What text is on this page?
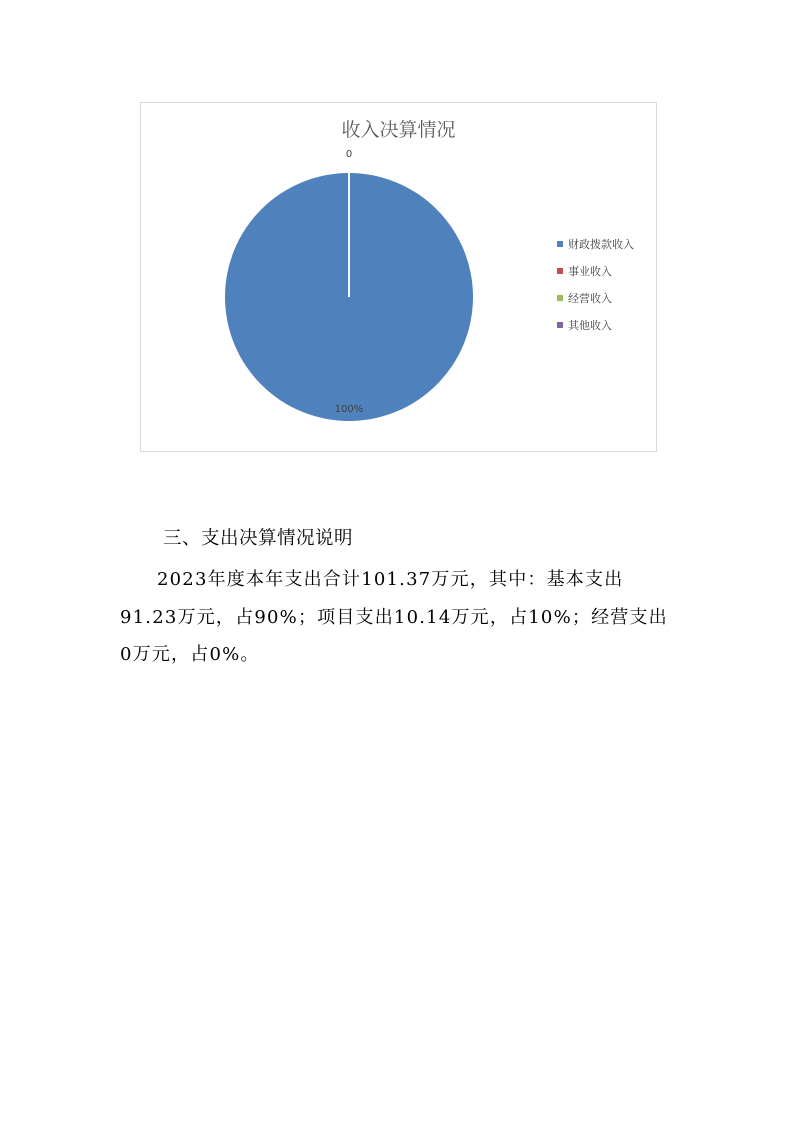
收入决算情况
0
100%
财政拨款收入
事业收入
经营收入
其他收入
三、支出决算情况说明

2023年度本年支出合计101.37万元，其中：基本支出91.23万元，占90%；项目支出10.14万元，占10%；经营支出0万元，占0%。
